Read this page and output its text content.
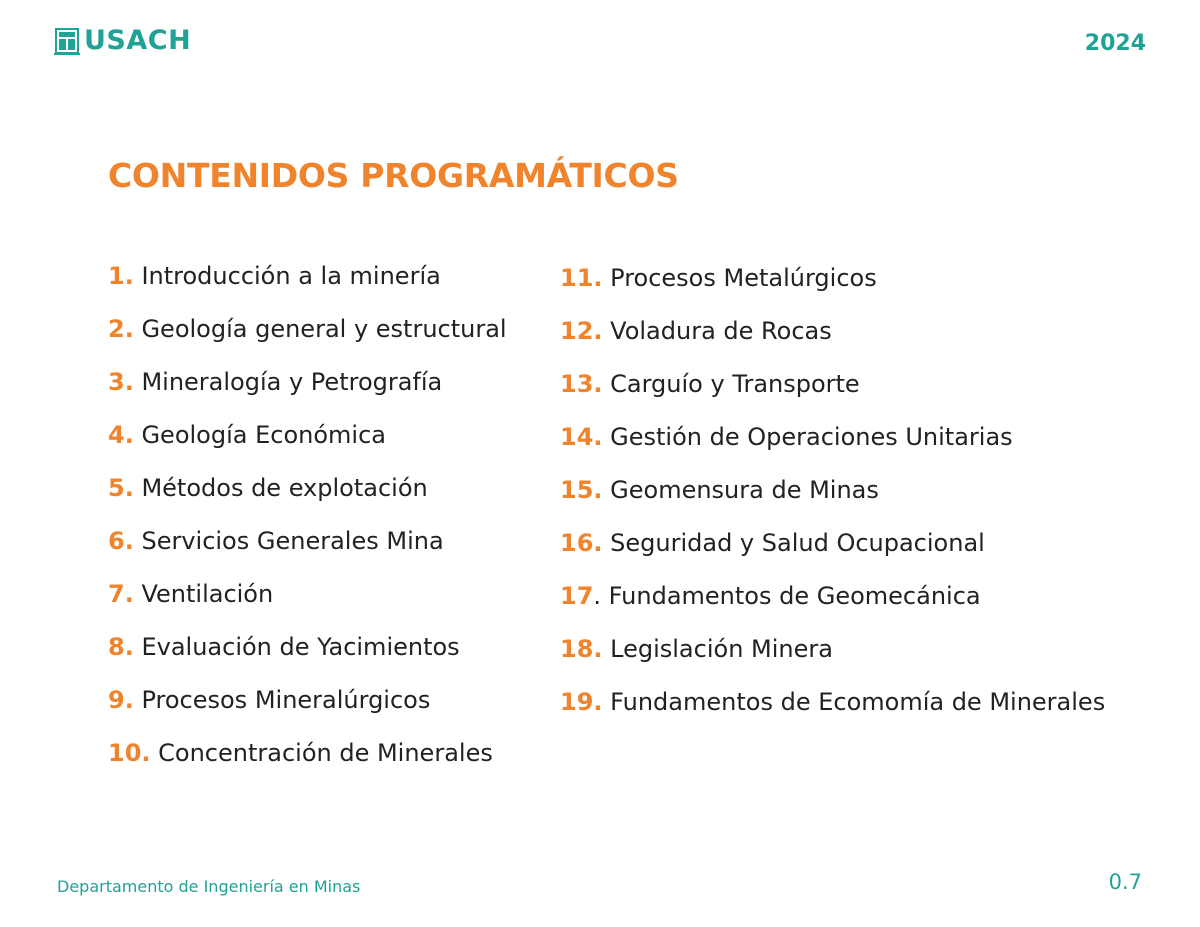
USACH	2024
CONTENIDOS PROGRAMÁTICOS
1. Introducción a la minería
2. Geología general y estructural
3. Mineralogía y Petrografía
4. Geología Económica
5. Métodos de explotación
6. Servicios Generales Mina
7. Ventilación
8. Evaluación de Yacimientos
9. Procesos Mineralúrgicos
10. Concentración de Minerales
11. Procesos Metalúrgicos
12. Voladura de Rocas
13. Carguío y Transporte
14. Gestión de Operaciones Unitarias
15. Geomensura de Minas
16. Seguridad y Salud Ocupacional
17. Fundamentos de Geomecánica
18. Legislación Minera
19. Fundamentos de Ecomomía de Minerales
Departamento de Ingeniería en Minas	0.7
